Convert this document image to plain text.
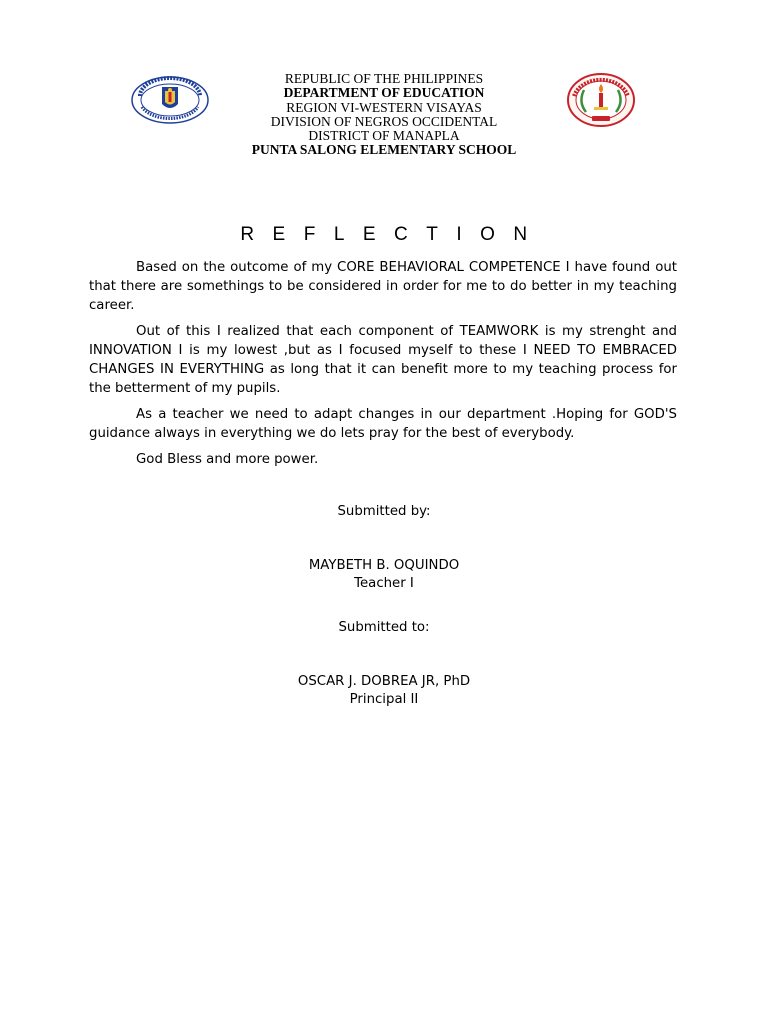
REPUBLIC OF THE PHILIPPINES
DEPARTMENT OF EDUCATION
REGION VI-WESTERN VISAYAS
DIVISION OF NEGROS OCCIDENTAL
DISTRICT OF MANAPLA
PUNTA SALONG ELEMENTARY SCHOOL
REFLECTION

Based on the outcome of my CORE BEHAVIORAL COMPETENCE I have found out that there are somethings to be considered in order for me to do better in my teaching career.

Out of this I realized that each component of TEAMWORK is my strenght and INNOVATION I is my lowest ,but as I focused myself to these I NEED TO EMBRACED CHANGES IN EVERYTHING as long that it can benefit more to my teaching process for the betterment of my pupils.

As a teacher we need to adapt changes in our department .Hoping for GOD'S guidance always in everything we do lets pray for the best of everybody.

God Bless and more power.

Submitted by:
MAYBETH B. OQUINDO
Teacher I
Submitted to:
OSCAR J. DOBREA JR, PhD
Principal II
